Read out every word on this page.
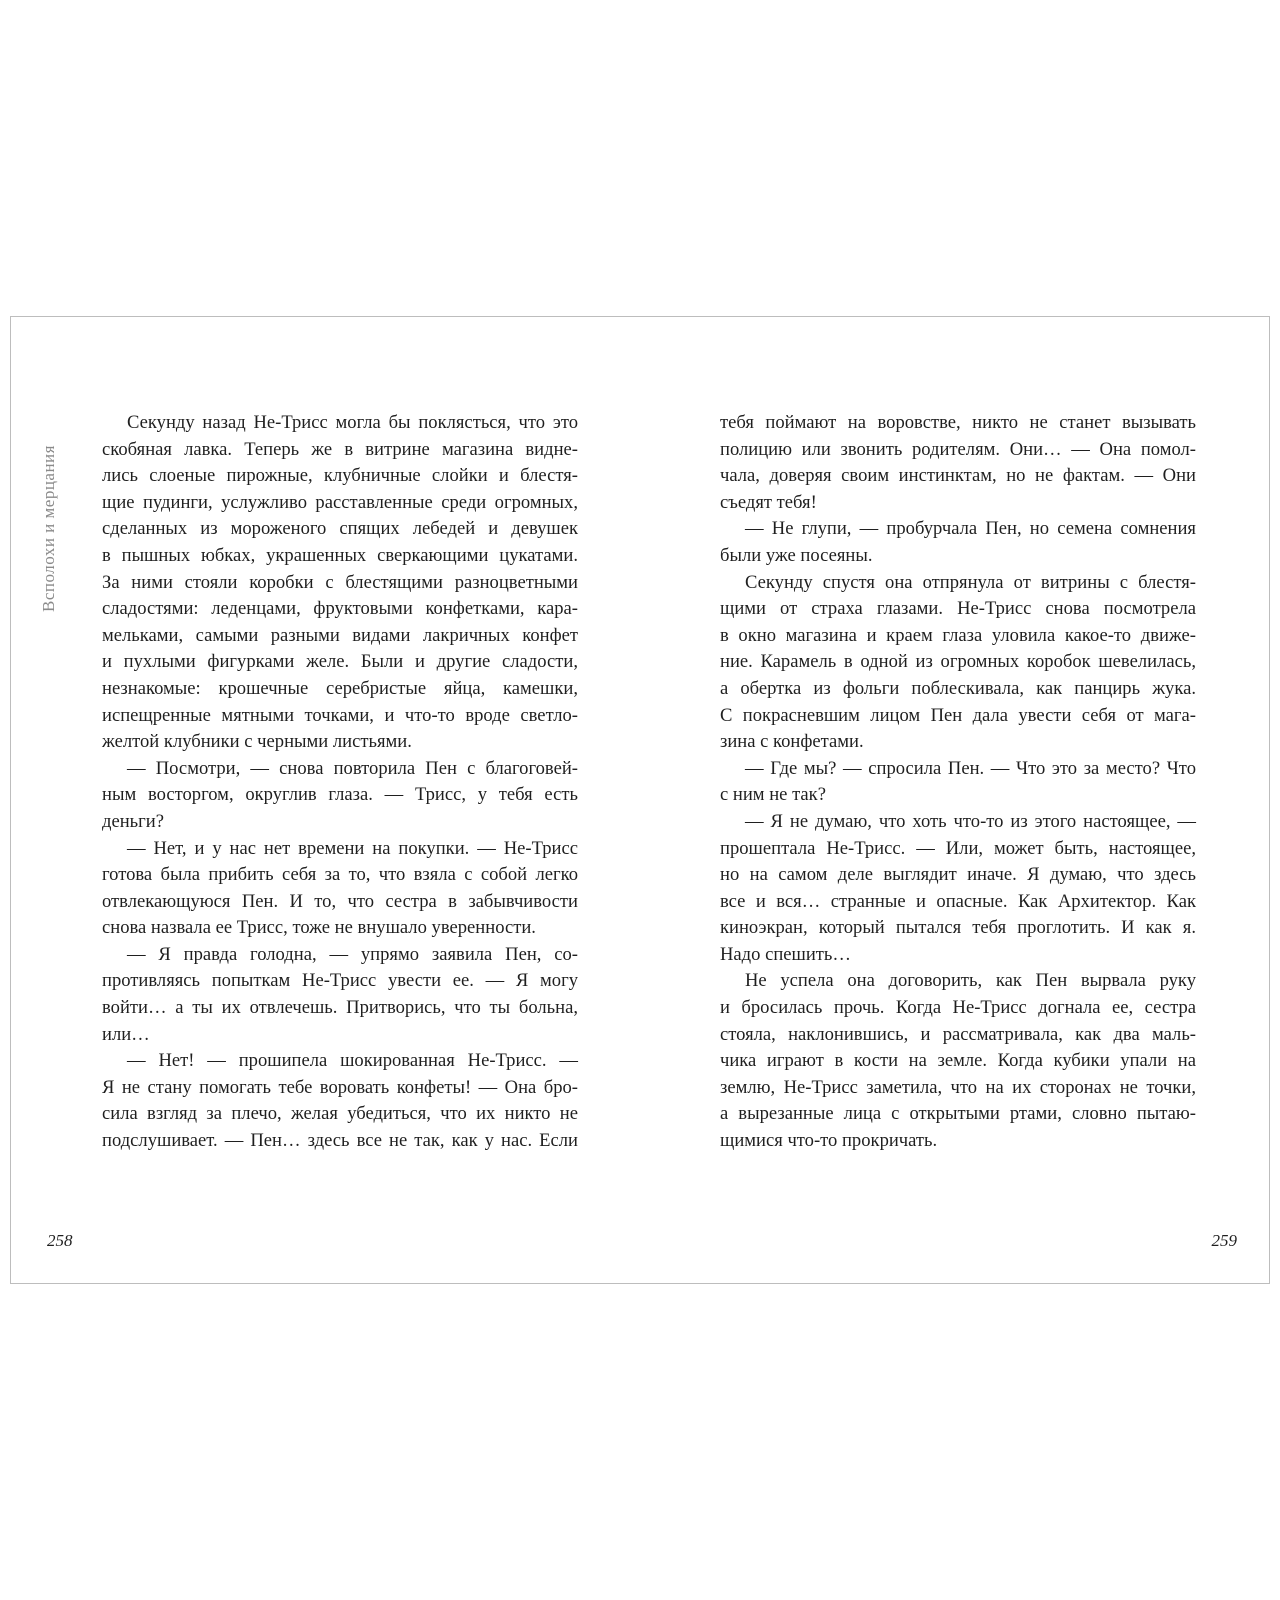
Всполохи и мерцания
Секунду назад Не-Трисс могла бы поклясться, что это
скобяная лавка. Теперь же в витрине магазина видне-
лись слоеные пирожные, клубничные слойки и блестя-
щие пудинги, услужливо расставленные среди огромных,
сделанных из мороженого спящих лебедей и девушек
в пышных юбках, украшенных сверкающими цукатами.
За ними стояли коробки с блестящими разноцветными
сладостями: леденцами, фруктовыми конфетками, кара-
мельками, самыми разными видами лакричных конфет
и пухлыми фигурками желе. Были и другие сладости,
незнакомые: крошечные серебристые яйца, камешки,
испещренные мятными точками, и что-то вроде светло-
желтой клубники с черными листьями.
— Посмотри, — снова повторила Пен с благоговей-
ным восторгом, округлив глаза. — Трисс, у тебя есть
деньги?
— Нет, и у нас нет времени на покупки. — Не-Трисс
готова была прибить себя за то, что взяла с собой легко
отвлекающуюся Пен. И то, что сестра в забывчивости
снова назвала ее Трисс, тоже не внушало уверенности.
— Я правда голодна, — упрямо заявила Пен, со-
противляясь попыткам Не-Трисс увести ее. — Я могу
войти… а ты их отвлечешь. Притворись, что ты больна,
или…
— Нет! — прошипела шокированная Не-Трисс. —
Я не стану помогать тебе воровать конфеты! — Она бро-
сила взгляд за плечо, желая убедиться, что их никто не
подслушивает. — Пен… здесь все не так, как у нас. Если
258
тебя поймают на воровстве, никто не станет вызывать
полицию или звонить родителям. Они… — Она помол-
чала, доверяя своим инстинктам, но не фактам. — Они
съедят тебя!
— Не глупи, — пробурчала Пен, но семена сомнения
были уже посеяны.
Секунду спустя она отпрянула от витрины с блестя-
щими от страха глазами. Не-Трисс снова посмотрела
в окно магазина и краем глаза уловила какое-то движе-
ние. Карамель в одной из огромных коробок шевелилась,
а обертка из фольги поблескивала, как панцирь жука.
С покрасневшим лицом Пен дала увести себя от мага-
зина с конфетами.
— Где мы? — спросила Пен. — Что это за место? Что
с ним не так?
— Я не думаю, что хоть что-то из этого настоящее, —
прошептала Не-Трисс. — Или, может быть, настоящее,
но на самом деле выглядит иначе. Я думаю, что здесь
все и вся… странные и опасные. Как Архитектор. Как
киноэкран, который пытался тебя проглотить. И как я.
Надо спешить…
Не успела она договорить, как Пен вырвала руку
и бросилась прочь. Когда Не-Трисс догнала ее, сестра
стояла, наклонившись, и рассматривала, как два маль-
чика играют в кости на земле. Когда кубики упали на
землю, Не-Трисс заметила, что на их сторонах не точки,
а вырезанные лица с открытыми ртами, словно пытаю-
щимися что-то прокричать.
259
